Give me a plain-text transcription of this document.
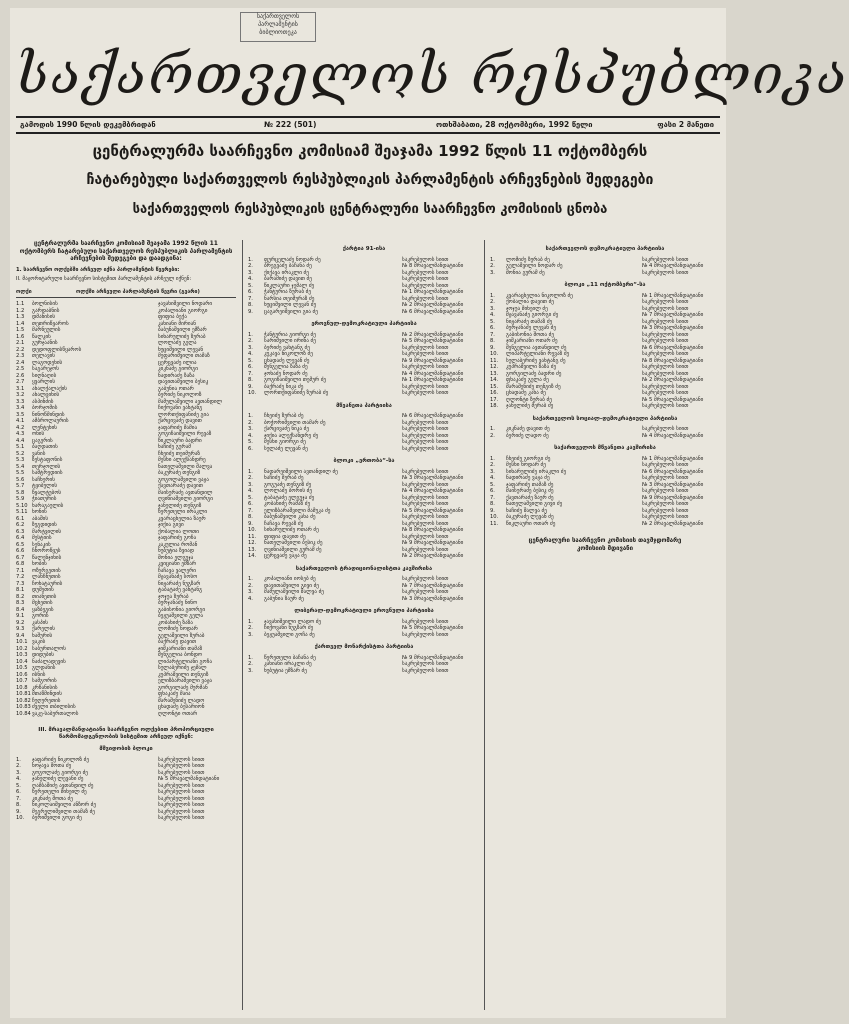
საქართველოს
პარლამენტის
ბიბლიოთეკა
საქართველოს რესპუბლიკა
გამოდის 1990 წლის დეკემბრიდან	№ 222 (501)	ოთხშაბათი, 28 ოქტომბერი, 1992 წელი	ფასი 2 მანეთი
ცენტრალურმა საარჩევნო კომისიამ შეაჯამა 1992 წლის 11 ოქტომბერს
ჩატარებული საქართველოს რესპუბლიკის პარლამენტის არჩევნების შედეგები
საქართველოს რესპუბლიკის ცენტრალური საარჩევნო კომისიის ცნობა
ცენტრალურმა საარჩევნო კომისიამ შეაჯამა 1992 წლის 11 ოქტომბერს ჩატარებული საქართველოს რესპუბლიკის პარლამენტის არჩევნების შედეგები და დაადგინა:
1. საარჩევნო ოლქებში არჩეულ იქნა პარლამენტის წევრები:
II. მაჟორიტარული საარჩევნო სისტემით პარლამენტის არჩეულ იქნენ:
ოლქი	ოლქში არჩეული პარლამენტის წევრი (გვარი)
1.1	ბოლნისის	ჯავახიშვილი ნოდარი
1.2	გარდაბნის	კოპალიანი გიორგი
1.3	დმანისის	ფიფია ბექა
1.4	თეთრიწყაროს	კახიანი მირიან
1.5	მარნეულის	ბაბუნაშვილი ემზარ
1.6	წალკის	სიხარულიძე ზურაბ
2.1	გურჯაანის	ლოლაძე გელა
2.2	დედოფლისწყაროს	ხუციშვილი ლევან
2.3	თელავის	მეფარიშვილი თამაზ
2.4	ლაგოდეხის	ცერცვაძე ილია
2.5	საგარეჯოს	კიკნაძე გიორგი
2.6	სიღნაღის	ნადირაძე ზაზა
2.7	ყვარლის	დავითაშვილი ბესიკ
3.1	ახალქალაქის	გაბუნია ოთარ
3.2	ახალციხის	ბერიძე ნიკოლოზ
3.3	ასპინძის	მამულაშვილი ავთანდილ
3.4	ბორჯომის	ჩიქოვანი ვახტანგ
3.5	ნინოწმინდის	ლორთქიფანიძე გია
4.1	ამბროლაურის	ქარცივაძე დავით
4.2	ლენტეხის	ჯაფარიძე მამია
4.3	ონის	გოგიჩაიშვილი რევაზ
4.4	ცაგერის	წიკლაური ბადრი
5.1	ბაღდათის	ხაჩიძე გურამ
5.2	ვანის	ჩხეიძე თეიმურაზ
5.3	ზესტაფონის	მესხი ალექსანდრე
5.4	თერჯოლის	ნათელაშვილი შალვა
5.5	სამტრედიის	ბაკურაძე თენგიზ
5.6	საჩხერის	გოგოლაშვილი ვაჟა
5.7	ტყიბულის	ქავთარაძე დავით
5.8	წყალტუბოს	მაისურაძე ავთანდილ
5.9	ჭიათურის	ღვინიაშვილი გიორგი
5.10 ხარაგაულის	ჯანელიძე თენგიზ
5.11 ხონის	წერეთელი ირაკლი
6.1	აბაშის	კვარაცხელია ზაურ
6.2	ზუგდიდის	ჯიქია გივი
6.3	მარტვილის	ქობალია ლოთი
6.4	მესტიის	ჯაფარიძე გოჩა
6.5	სენაკის	კაკულია რომან
6.6	ჩხოროწყუს	ხუბუტია ზვიად
6.7	წალენჯიხის	შონია ელგუჯა
6.8	ხობის	კვიციანი ემზარ
7.1	ოზურგეთის	ჩაჩავა ვალერი
7.2	ლანჩხუთის	მჟავანაძე სოსო
7.3	ჩოხატაურის	ნიჟარაძე ნუგზარ
8.1	დუშეთის	ტაბატაძე ვახტანგ
8.2	თიანეთის	ჯოჯუა ზურაბ
8.3	მცხეთის	ბურჯანაძე ნინო
8.4	ყაზბეგის	გაბისონია გიორგი
9.1	გორის	ბეჟუაშვილი გელა
9.2	კასპის	კობახიძე ზაზა
9.3	ქარელის	ლომიძე ნოდარ
9.4	ხაშურის	გელაშვილი ზურაბ
10.1 ვაკის	ბაქრაძე დავით
10.2 საბურთალოს	ჯიშკარიანი თამაზ
10.3 დიდუბის	შენგელია ბონდო
10.4 ნაძალადევის	ლიპარტელიანი გოჩა
10.5 გლდანის	სულაბერიძე ჯემალ
10.6 ისნის	კუპრაშვილი თენგიზ
10.7 სამგორის	ელიზბარაშვილი ვაჟა
10.8 კრწანისის	გორგილაძე მურმან
10.81 მთაწმინდის	ფხაკაძე მაია
10.82 ჩუღურეთის	შარაშენიძე ლადო
10.83 ძველი თბილისის	ცხადაძე ბესარიონ
10.84 ვაკე-საბურთალოს	ღლონტი ოთარ
III. მრავალმანდატიანი საარჩევნო ოლქებით პროპორციული წარმომადგენლობის სისტემით არჩეულ იქნენ:
მშვიდობის ბლოკი
1.	ჯაფარიძე ნიკოლოზ ძე	საკრებულოს სიით
2.	ხოჯავა შოთა ძე	საკრებულოს სიით
3.	გოგოლაძე გიორგი ძე	საკრებულოს სიით
4.	ჯანელიძე ლევანი ძე	№ 5 მრავალმანდატიანი
5.	ღამბაშიძე ავთანდილ ძე	საკრებულოს სიით
6.	წერეთელი მიხეილ ძე	საკრებულოს სიით
7.	კიკნაძე შოთა ძე	საკრებულოს სიით
8.	ნიკოლაიშვილი ანზორ ძე	საკრებულოს სიით
9.	მეგრელიშვილი თამაზ ძე	საკრებულოს სიით
10.	ბერიშვილი გოგი ძე	საკრებულოს სიით
ქარტია 91-ისა
1.	ფურცელაძე ნოდარ ძე	საკრებულოს სიით
2.	ბრეგვაძე ბაჩანა ძე	№ 8 მრავალმანდატიანი
3.	ქიქავა ირაკლი ძე	საკრებულოს სიით
4.	ბარამიძე დავით ძე	საკრებულოს სიით
5.	წიკლაური ჯემალ ძე	საკრებულოს სიით
6.	ჭანტურია ზურაბ ძე	№ 1 მრავალმანდატიანი
7.	ნარსია თეიმურაზ ძე	საკრებულოს სიით
8.	ხუციშვილი ლევან ძე	№ 2 მრავალმანდატიანი
9.	ცაგარეიშვილი გია ძე	№ 6 მრავალმანდატიანი
ეროვნულ-დემოკრატიული პარტიისა
1.	ჭანტურია გიორგი ძე	№ 2 მრავალმანდატიანი
2.	სარიშვილი ირინა ძე	№ 5 მრავალმანდატიანი
3.	ბერიძე ვახტანგ ძე	საკრებულოს სიით
4.	კუკავა ნიკოლოზ ძე	საკრებულოს სიით
5.	ცხადაძე ლევან ძე	№ 9 მრავალმანდატიანი
6.	შენგელია ზაზა ძე	საკრებულოს სიით
7.	ჯოხაძე ნოდარ ძე	№ 4 მრავალმანდატიანი
8.	გოგიჩაიშვილი თემურ ძე	№ 1 მრავალმანდატიანი
9.	ბაქრაძე ნიკა ძე	საკრებულოს სიით
10.	ლორთქიფანიძე ზურაბ ძე	საკრებულოს სიით
მწვანეთა პარტიისა
1.	ჩხეიძე ზურაბ ძე	№ 6 მრავალმანდატიანი
2.	ბოჭორიშვილი თამარ ძე	საკრებულოს სიით
3.	ქარცივაძე ნიკა ძე	საკრებულოს სიით
4.	ჯიქია ალექსანდრე ძე	საკრებულოს სიით
5.	მესხი გიორგი ძე	საკრებულოს სიით
6.	სულაძე ლევან ძე	საკრებულოს სიით
ბლოკი „ერთობა“-სა
1.	ნადარეიშვილი ავთანდილ ძე	საკრებულოს სიით
2.	ხაჩიძე მერაბ ძე	№ 3 მრავალმანდატიანი
3.	გოგუაძე თენგიზ ძე	საკრებულოს სიით
4.	ლოლაძე ბორის ძე	№ 4 მრავალმანდატიანი
5.	ტაბატაძე ელგუჯა ძე	საკრებულოს სიით
6.	კობახიძე რამაზ ძე	საკრებულოს სიით
7.	ელიზბარაშვილი მამუკა ძე	№ 5 მრავალმანდატიანი
8.	ბაბუნაშვილი კახა ძე	საკრებულოს სიით
9.	ჩაჩავა რევაზ ძე	საკრებულოს სიით
10.	სიხარულიძე ოთარ ძე	№ 8 მრავალმანდატიანი
11.	ფიფია დავით ძე	საკრებულოს სიით
12.	ნათელაშვილი ბესიკ ძე	№ 9 მრავალმანდატიანი
13.	ღვინიაშვილი გურამ ძე	საკრებულოს სიით
14.	ცერცვაძე ვაჟა ძე	№ 2 მრავალმანდატიანი
საქართველოს ტრადიციონალისტთა კავშირისა
1.	კოპალიანი იოსებ ძე	საკრებულოს სიით
2.	დავითაშვილი გივი ძე	№ 7 მრავალმანდატიანი
3.	მამულაშვილი შალვა ძე	საკრებულოს სიით
4.	გაბუნია ზაურ ძე	№ 3 მრავალმანდატიანი
ლიბერალ-დემოკრატიული ეროვნული პარტიისა
1.	ჯავახიშვილი ლადო ძე	საკრებულოს სიით
2.	ჩიქოვანი ნუგზარ ძე	№ 5 მრავალმანდატიანი
3.	ბეჟუაშვილი გოჩა ძე	საკრებულოს სიით
ქართველ მონარქისტთა პარტიისა
1.	წერეთელი ბაჩანა ძე	№ 9 მრავალმანდატიანი
2.	კახიანი ირაკლი ძე	საკრებულოს სიით
3.	ხუბუტია ემზარ ძე	საკრებულოს სიით
საქართველოს დემოკრატიული პარტიისა
1.	ლომიძე ზურაბ ძე	საკრებულოს სიით
2.	გელაშვილი ნოდარ ძე	№ 4 მრავალმანდატიანი
3.	შონია გურამ ძე	საკრებულოს სიით
ბლოკი „11 ოქტომბერი“-სა
1.	კვარაცხელია ნიკოლოზ ძე	№ 1 მრავალმანდატიანი
2.	ქობალია დავით ძე	საკრებულოს სიით
3.	ჯოჯუა მიხეილ ძე	საკრებულოს სიით
4.	მჟავანაძე გიორგი ძე	№ 7 მრავალმანდატიანი
5.	ნიჟარაძე თამაზ ძე	საკრებულოს სიით
6.	ბურჯანაძე ლევან ძე	№ 3 მრავალმანდატიანი
7.	გაბისონია შოთა ძე	საკრებულოს სიით
8.	ჯიშკარიანი ოთარ ძე	საკრებულოს სიით
9.	შენგელია ავთანდილ ძე	№ 6 მრავალმანდატიანი
10.	ლიპარტელიანი რევაზ ძე	საკრებულოს სიით
11.	სულაბერიძე ვახტანგ ძე	№ 8 მრავალმანდატიანი
12.	კუპრაშვილი ზაზა ძე	საკრებულოს სიით
13.	გორგილაძე ბადრი ძე	საკრებულოს სიით
14.	ფხაკაძე გელა ძე	№ 2 მრავალმანდატიანი
15.	შარაშენიძე თენგიზ ძე	საკრებულოს სიით
16.	ცხადაძე კახა ძე	საკრებულოს სიით
17.	ღლონტი ზურაბ ძე	№ 5 მრავალმანდატიანი
18.	ჯანელიძე მერაბ ძე	საკრებულოს სიით
საქართველოს სოციალ-დემოკრატიული პარტიისა
1.	კიკნაძე დავით ძე	საკრებულოს სიით
2.	ბერიძე ლადო ძე	№ 4 მრავალმანდატიანი
საქართველოს მწვანეთა კავშირისა
1.	ჩხეიძე გიორგი ძე	№ 1 მრავალმანდატიანი
2.	მესხი ნოდარ ძე	საკრებულოს სიით
3.	სიხარულიძე ირაკლი ძე	№ 6 მრავალმანდატიანი
4.	ნადირაძე ვაჟა ძე	საკრებულოს სიით
5.	ჯაფარიძე თამაზ ძე	№ 3 მრავალმანდატიანი
6.	მაისურაძე ბესიკ ძე	საკრებულოს სიით
7.	ქავთარაძე ზაურ ძე	№ 9 მრავალმანდატიანი
8.	ნათელაშვილი გივი ძე	საკრებულოს სიით
9.	ხაჩიძე შალვა ძე	საკრებულოს სიით
10.	ბაკურაძე ლევან ძე	საკრებულოს სიით
11.	წიკლაური ოთარ ძე	№ 2 მრავალმანდატიანი
ცენტრალური საარჩევნო კომისიის თავმჯდომარე
კომისიის მდივანი
